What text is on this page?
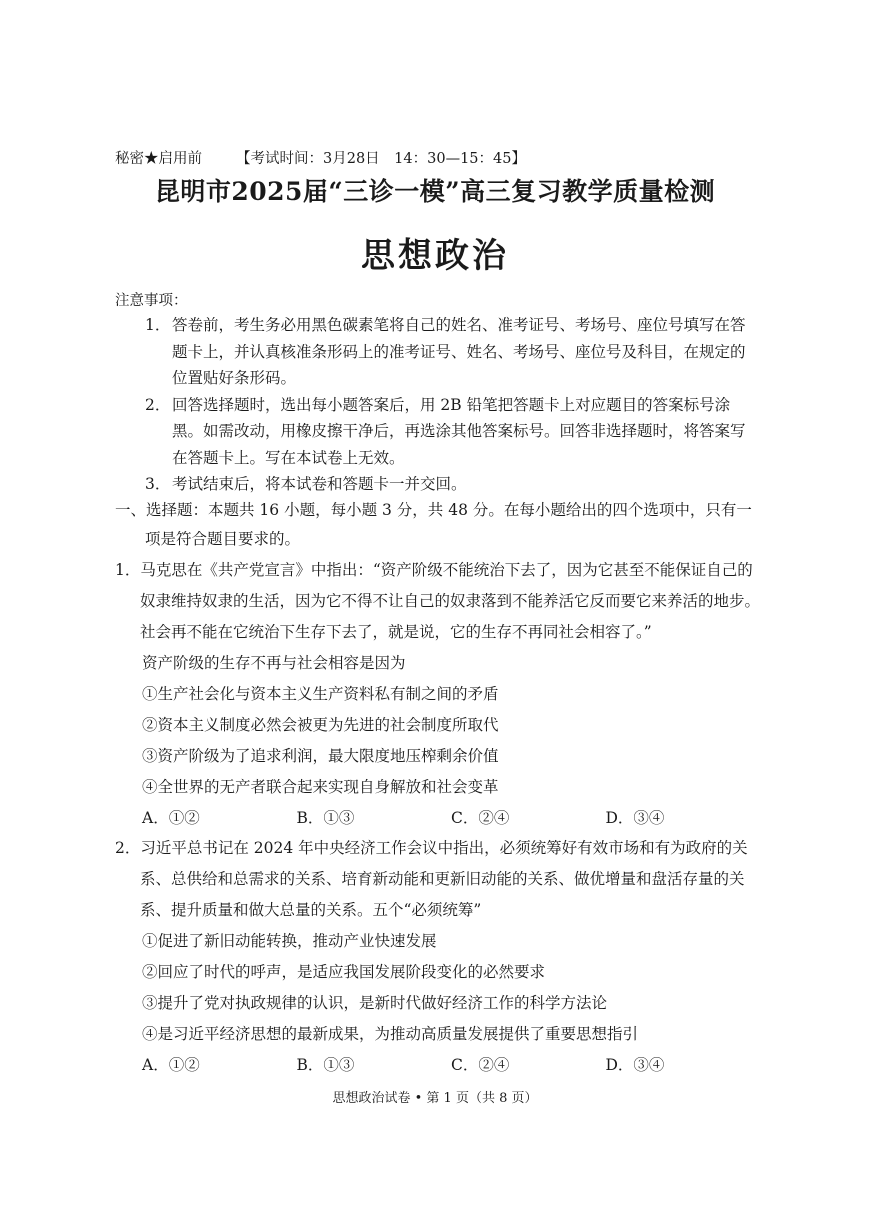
秘密★启用前 【考试时间：3月28日　14：30—15：45】
昆明市2025届“三诊一模”高三复习教学质量检测
思想政治
注意事项：
1． 答卷前，考生务必用黑色碳素笔将自己的姓名、准考证号、考场号、座位号填写在答题卡上，并认真核准条形码上的准考证号、姓名、考场号、座位号及科目，在规定的位置贴好条形码。
2． 回答选择题时，选出每小题答案后，用 2B 铅笔把答题卡上对应题目的答案标号涂黑。如需改动，用橡皮擦干净后，再选涂其他答案标号。回答非选择题时，将答案写在答题卡上。写在本试卷上无效。
3． 考试结束后，将本试卷和答题卡一并交回。
一、选择题：本题共 16 小题，每小题 3 分，共 48 分。在每小题给出的四个选项中，只有一项是符合题目要求的。
1．马克思在《共产党宣言》中指出：“资产阶级不能统治下去了，因为它甚至不能保证自己的奴隶维持奴隶的生活，因为它不得不让自己的奴隶落到不能养活它反而要它来养活的地步。社会再不能在它统治下生存下去了，就是说，它的生存不再同社会相容了。”
资产阶级的生存不再与社会相容是因为
①生产社会化与资本主义生产资料私有制之间的矛盾
②资本主义制度必然会被更为先进的社会制度所取代
③资产阶级为了追求利润，最大限度地压榨剩余价值
④全世界的无产者联合起来实现自身解放和社会变革
A．①②	B．①③	C．②④	D．③④
2．习近平总书记在 2024 年中央经济工作会议中指出，必须统筹好有效市场和有为政府的关系、总供给和总需求的关系、培育新动能和更新旧动能的关系、做优增量和盘活存量的关系、提升质量和做大总量的关系。五个“必须统筹”
①促进了新旧动能转换，推动产业快速发展
②回应了时代的呼声，是适应我国发展阶段变化的必然要求
③提升了党对执政规律的认识，是新时代做好经济工作的科学方法论
④是习近平经济思想的最新成果，为推动高质量发展提供了重要思想指引
A．①②	B．①③	C．②④	D．③④
思想政治试卷 • 第 1 页（共 8 页）
